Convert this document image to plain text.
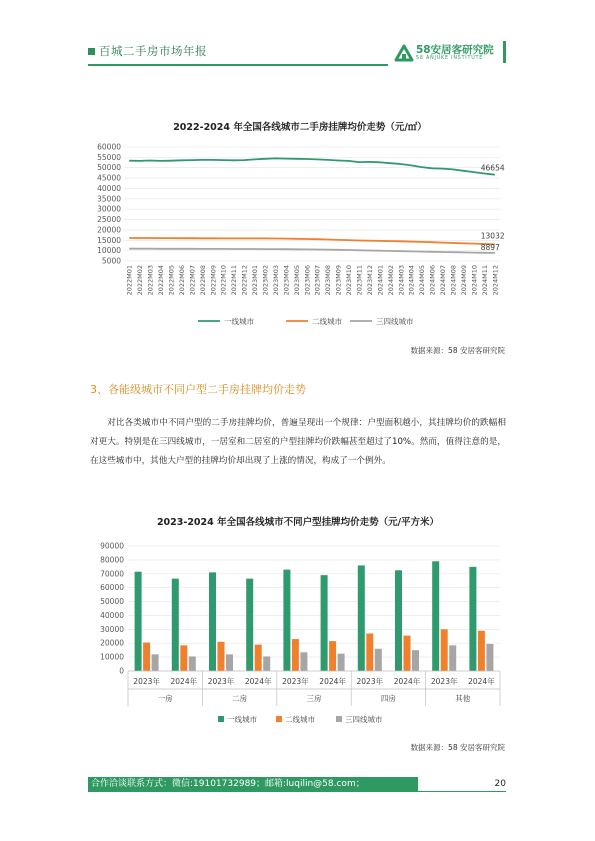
百城二手房市场年报	58安居客研究院
58 ANJUKE INSTITUTE
2022-2024 年全国各线城市二手房挂牌均价走势（元/㎡）
5000
10000
15000
20000
25000
30000
35000
40000
45000
50000
55000
60000
2022M01 2022M02 2022M03 2022M04 2022M05 2022M06 2022M07 2022M08 2022M09 2022M10 2022M11 2022M12 2023M01 2023M02 2023M03 2023M04 2023M05 2023M06 2023M07 2023M08 2023M09 2023M10 2023M11 2023M12 2024M01 2024M02 2024M03 2024M04 2024M05 2024M06 2024M07 2024M08 2024M09 2024M10 2024M11 2024M12
46654
13032
8897
一线城市	二线城市	三四线城市
数据来源：58 安居客研究院
3、各能级城市不同户型二手房挂牌均价走势
对比各类城市中不同户型的二手房挂牌均价，普遍呈现出一个规律：户型面积越小，其挂牌均价的跌幅相对更大。特别是在三四线城市，一居室和二居室的户型挂牌均价跌幅甚至超过了10%。然而，值得注意的是，在这些城市中，其他大户型的挂牌均价却出现了上涨的情况，构成了一个例外。
2023-2024 年全国各线城市不同户型挂牌均价走势（元/平方米）
0
10000
20000
30000
40000
50000
60000
70000
80000
90000
2023年 2024年 2023年 2024年 2023年 2024年 2023年 2024年 2023年 2024年
一房	二房	三房	四房	其他
一线城市	二线城市	三四线城市
数据来源：58 安居客研究院
合作洽谈联系方式：微信:19101732989；邮箱:luqilin@58.com；	20
